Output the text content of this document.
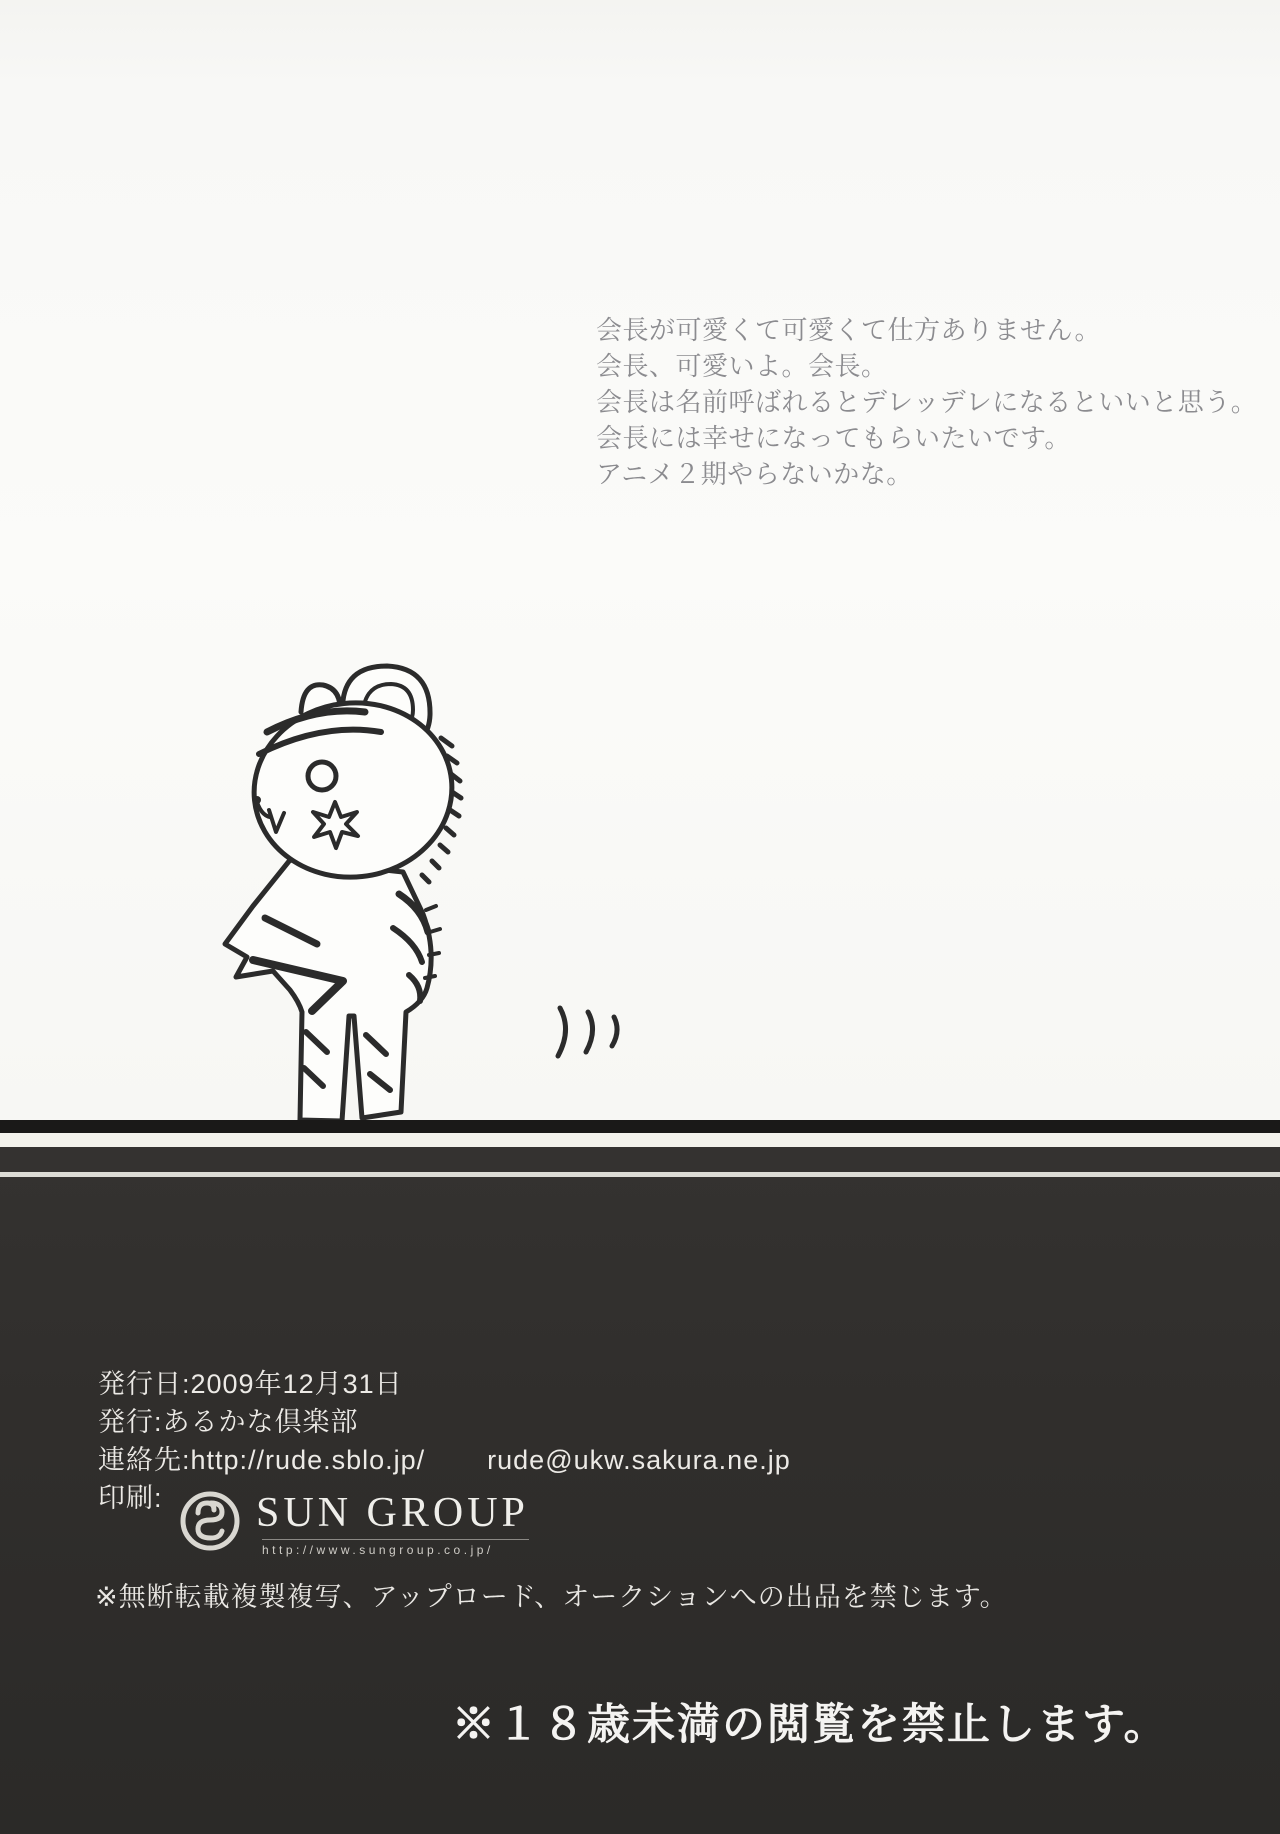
会長が可愛くて可愛くて仕方ありません。
会長、可愛いよ。会長。
会長は名前呼ばれるとデレッデレになるといいと思う。
会長には幸せになってもらいたいです。
アニメ２期やらないかな。
発行日:2009年12月31日
発行:あるかな倶楽部
連絡先:http://rude.sblo.jp/ rude@ukw.sakura.ne.jp
印刷:	SUN GROUP
http://www.sungroup.co.jp/
※無断転載複製複写、アップロード、オークションへの出品を禁じます。
※１８歳未満の閲覧を禁止します。
